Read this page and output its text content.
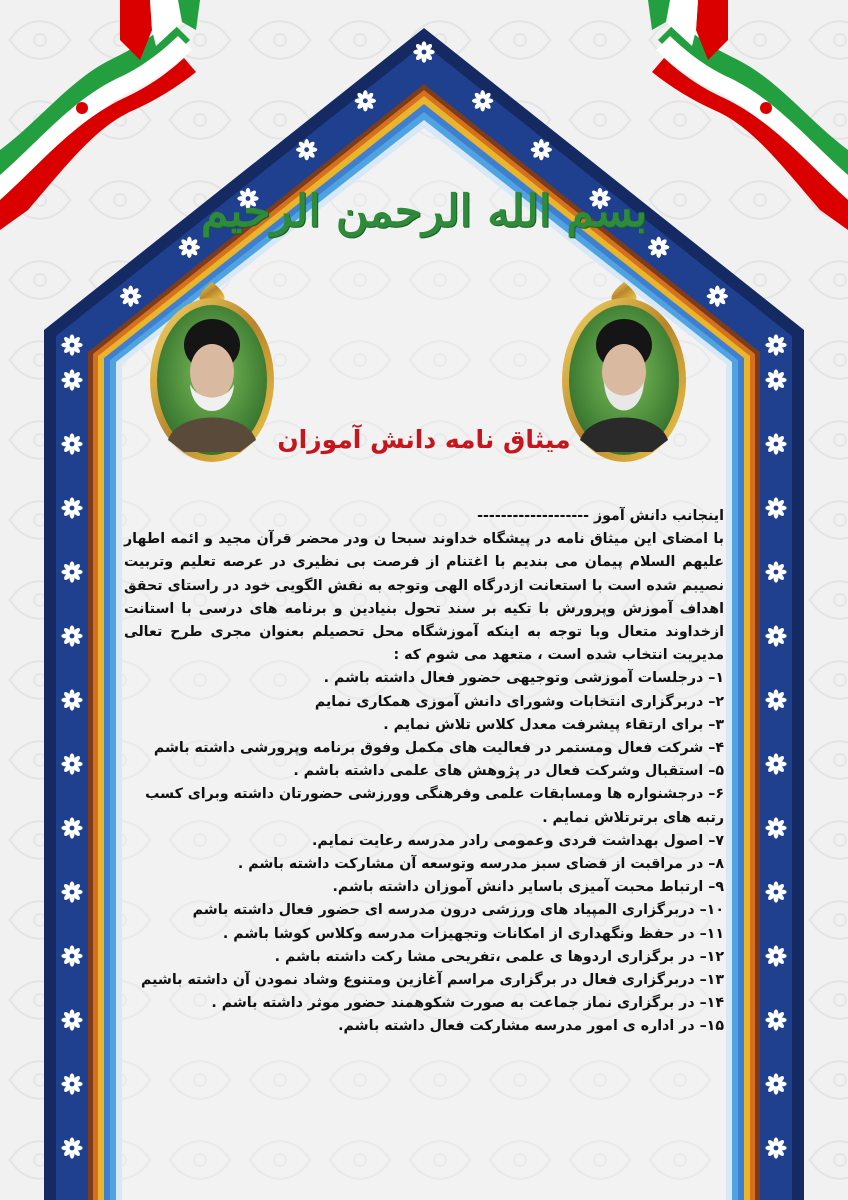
بسم الله الرحمن الرحیم
میثاق نامه دانش آموزان

اینجانب دانش آموز -------------------

با امضای این میثاق نامه در پیشگاه خداوند سبحا ن ودر محضر قرآن مجید و ائمه اطهار علیهم السلام پیمان می بندیم با اغتنام از فرصت بی نظیری در عرصه تعلیم وتربیت نصیبم شده است با استعانت ازدرگاه الهی وتوجه به نقش الگویی خود در راستای تحقق اهداف آموزش وپرورش با تکیه بر سند تحول بنیادین و برنامه های درسی با استانت ازخداوند متعال وبا توجه به اینکه آموزشگاه محل تحصیلم بعنوان مجری طرح تعالی مدیریت انتخاب شده است ، متعهد می شوم که :

۱– درجلسات آموزشی وتوجیهی حضور فعال داشته باشم .
۲– دربرگزاری انتخابات وشورای دانش آموزی همکاری نمایم
۳– برای ارتقاء پیشرفت معدل کلاس تلاش نمایم .
۴– شرکت فعال ومستمر در فعالیت های مکمل وفوق برنامه وپرورشی داشته باشم
۵– استقبال وشرکت فعال در پژوهش های علمی داشته باشم .
۶– درجشنواره ها ومسابقات علمی وفرهنگی وورزشی حضورتان داشته وبرای کسب رتبه های برترتلاش نمایم .
۷– اصول بهداشت فردی وعمومی رادر مدرسه رعایت نمایم.
۸– در مراقبت از فضای سبز مدرسه وتوسعه آن مشارکت داشته باشم .
۹– ارتباط محبت آمیزی باسایر دانش آموزان داشته باشم.
۱۰– دربرگزاری المپیاد های ورزشی درون مدرسه ای حضور فعال داشته باشم
۱۱– در حفظ ونگهداری از امکانات وتجهیزات مدرسه وکلاس کوشا باشم .
۱۲– در برگزاری اردوها ی علمی ،تفریحی مشا رکت داشته باشم .
۱۳– دربرگزاری فعال در برگزاری مراسم آغازین ومتنوع وشاد نمودن آن داشته باشیم
۱۴– در برگزاری نماز جماعت به صورت شکوهمند حضور موثر داشته باشم .
۱۵– در اداره ی امور مدرسه مشارکت فعال داشته باشم.
